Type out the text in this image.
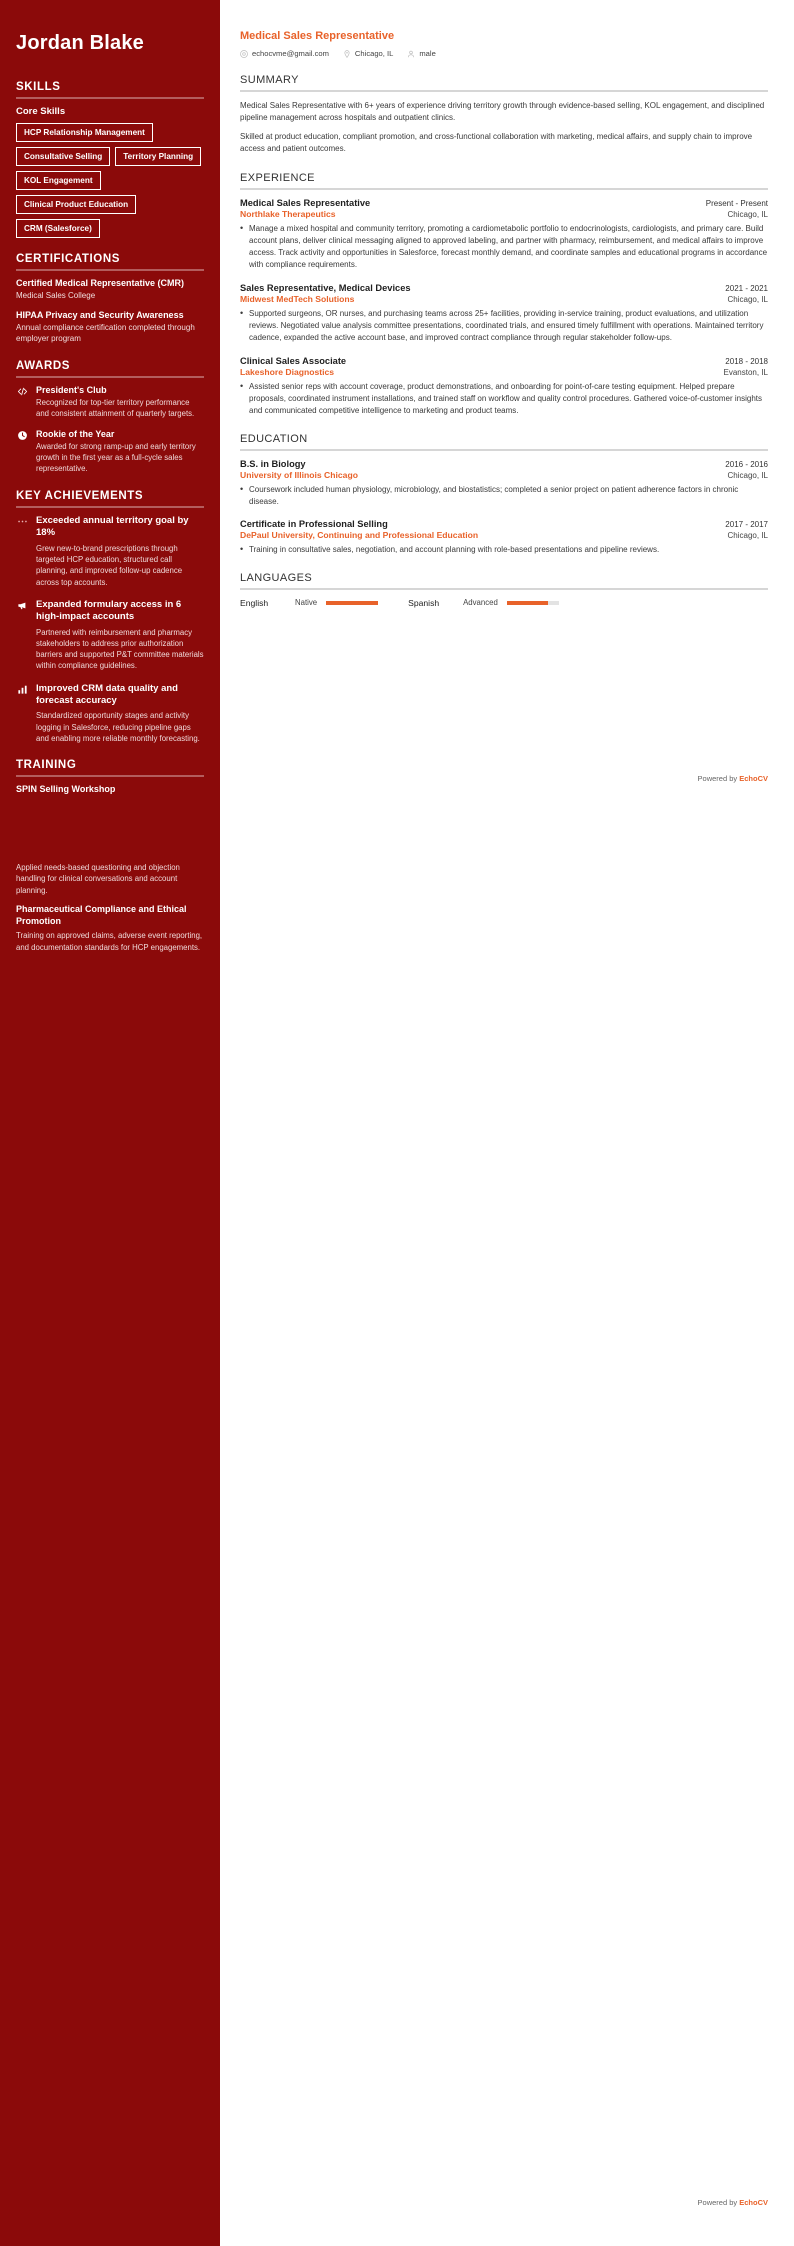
Jordan Blake
SKILLS
Core Skills
HCP Relationship Management
Consultative Selling	Territory Planning
KOL Engagement
Clinical Product Education
CRM (Salesforce)
CERTIFICATIONS
Certified Medical Representative (CMR)
Medical Sales College
HIPAA Privacy and Security Awareness
Annual compliance certification completed through employer program
AWARDS
President's Club
Recognized for top-tier territory performance and consistent attainment of quarterly targets.
Rookie of the Year
Awarded for strong ramp-up and early territory growth in the first year as a full-cycle sales representative.
KEY ACHIEVEMENTS
Exceeded annual territory goal by 18%
Grew new-to-brand prescriptions through targeted HCP education, structured call planning, and improved follow-up cadence across top accounts.
Expanded formulary access in 6 high-impact accounts
Partnered with reimbursement and pharmacy stakeholders to address prior authorization barriers and supported P&T committee materials within compliance guidelines.
Improved CRM data quality and forecast accuracy
Standardized opportunity stages and activity logging in Salesforce, reducing pipeline gaps and enabling more reliable monthly forecasting.
TRAINING
SPIN Selling Workshop
Applied needs-based questioning and objection handling for clinical conversations and account planning.
Pharmaceutical Compliance and Ethical Promotion
Training on approved claims, adverse event reporting, and documentation standards for HCP engagements.
Medical Sales Representative
echocvme@gmail.com	Chicago, IL	male
SUMMARY

Medical Sales Representative with 6+ years of experience driving territory growth through evidence-based selling, KOL engagement, and disciplined pipeline management across hospitals and outpatient clinics.

Skilled at product education, compliant promotion, and cross-functional collaboration with marketing, medical affairs, and supply chain to improve access and patient outcomes.

EXPERIENCE
Medical Sales Representative	Present - Present
Northlake Therapeutics	Chicago, IL
• Manage a mixed hospital and community territory, promoting a cardiometabolic portfolio to endocrinologists, cardiologists, and primary care. Build account plans, deliver clinical messaging aligned to approved labeling, and partner with pharmacy, reimbursement, and medical affairs to improve access. Track activity and opportunities in Salesforce, forecast monthly demand, and coordinate samples and educational programs in accordance with compliance requirements.
Sales Representative, Medical Devices	2021 - 2021
Midwest MedTech Solutions	Chicago, IL
• Supported surgeons, OR nurses, and purchasing teams across 25+ facilities, providing in-service training, product evaluations, and utilization reviews. Negotiated value analysis committee presentations, coordinated trials, and ensured timely fulfillment with operations. Maintained territory cadence, expanded the active account base, and improved contract compliance through regular stakeholder follow-ups.
Clinical Sales Associate	2018 - 2018
Lakeshore Diagnostics	Evanston, IL
• Assisted senior reps with account coverage, product demonstrations, and onboarding for point-of-care testing equipment. Helped prepare proposals, coordinated instrument installations, and trained staff on workflow and quality control procedures. Gathered voice-of-customer insights and communicated competitive intelligence to marketing and product teams.
EDUCATION
B.S. in Biology	2016 - 2016
University of Illinois Chicago	Chicago, IL
• Coursework included human physiology, microbiology, and biostatistics; completed a senior project on patient adherence factors in chronic disease.
Certificate in Professional Selling	2017 - 2017
DePaul University, Continuing and Professional Education	Chicago, IL
• Training in consultative sales, negotiation, and account planning with role-based presentations and pipeline reviews.
LANGUAGES
English	Native	Spanish	Advanced
Powered by EchoCV
Powered by EchoCV
